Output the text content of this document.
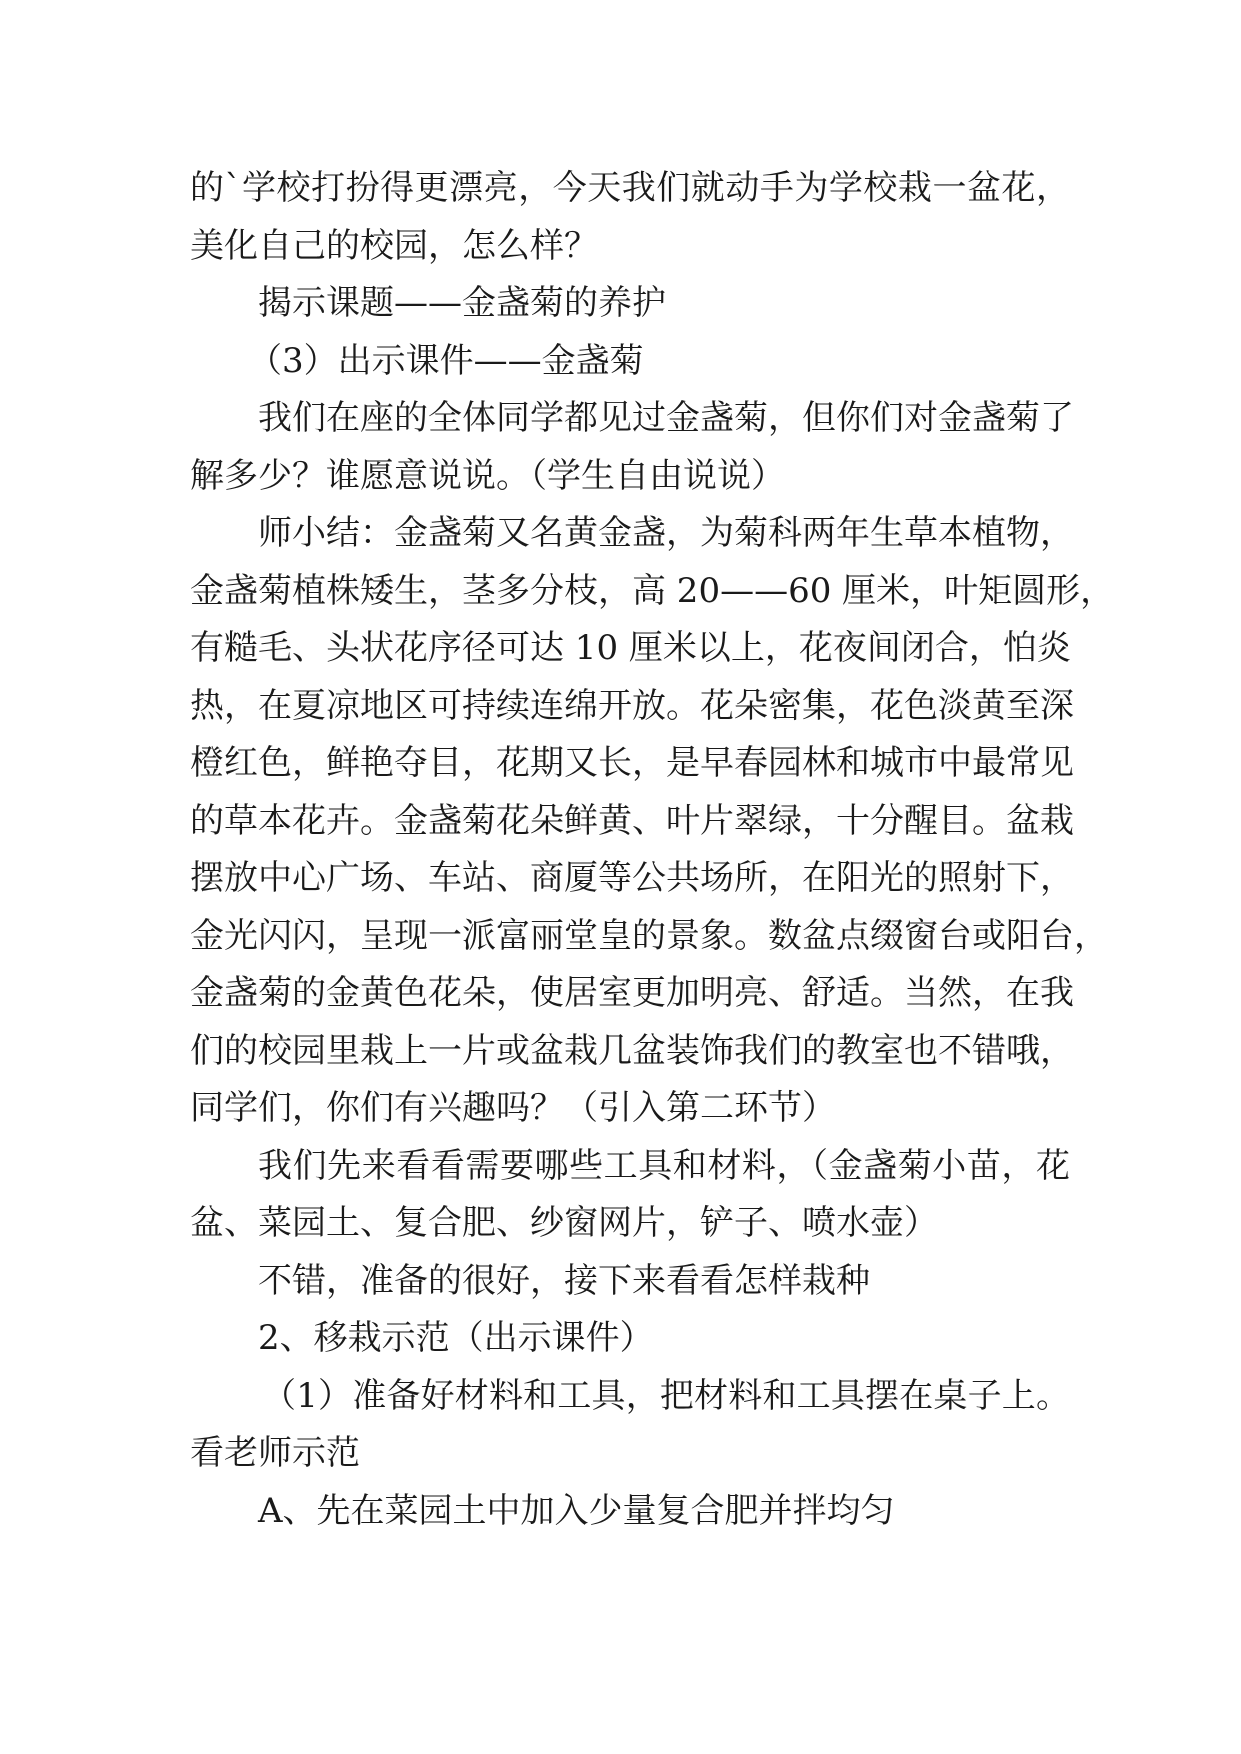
的`学校打扮得更漂亮，今天我们就动手为学校栽一盆花，
美化自己的校园，怎么样？
揭示课题——金盏菊的养护
（3）出示课件——金盏菊
我们在座的全体同学都见过金盏菊，但你们对金盏菊了
解多少？谁愿意说说。（学生自由说说）
师小结：金盏菊又名黄金盏，为菊科两年生草本植物，
金盏菊植株矮生，茎多分枝，高 20——60 厘米，叶矩圆形，
有糙毛、头状花序径可达 10 厘米以上，花夜间闭合，怕炎
热，在夏凉地区可持续连绵开放。花朵密集，花色淡黄至深
橙红色，鲜艳夺目，花期又长，是早春园林和城市中最常见
的草本花卉。金盏菊花朵鲜黄、叶片翠绿，十分醒目。盆栽
摆放中心广场、车站、商厦等公共场所，在阳光的照射下，
金光闪闪，呈现一派富丽堂皇的景象。数盆点缀窗台或阳台，
金盏菊的金黄色花朵，使居室更加明亮、舒适。当然，在我
们的校园里栽上一片或盆栽几盆装饰我们的教室也不错哦，
同学们，你们有兴趣吗？（引入第二环节）
我们先来看看需要哪些工具和材料，（金盏菊小苗，花
盆、菜园土、复合肥、纱窗网片，铲子、喷水壶）
不错，准备的很好，接下来看看怎样栽种
2、移栽示范（出示课件）
（1）准备好材料和工具，把材料和工具摆在桌子上。
看老师示范
A、先在菜园土中加入少量复合肥并拌均匀
